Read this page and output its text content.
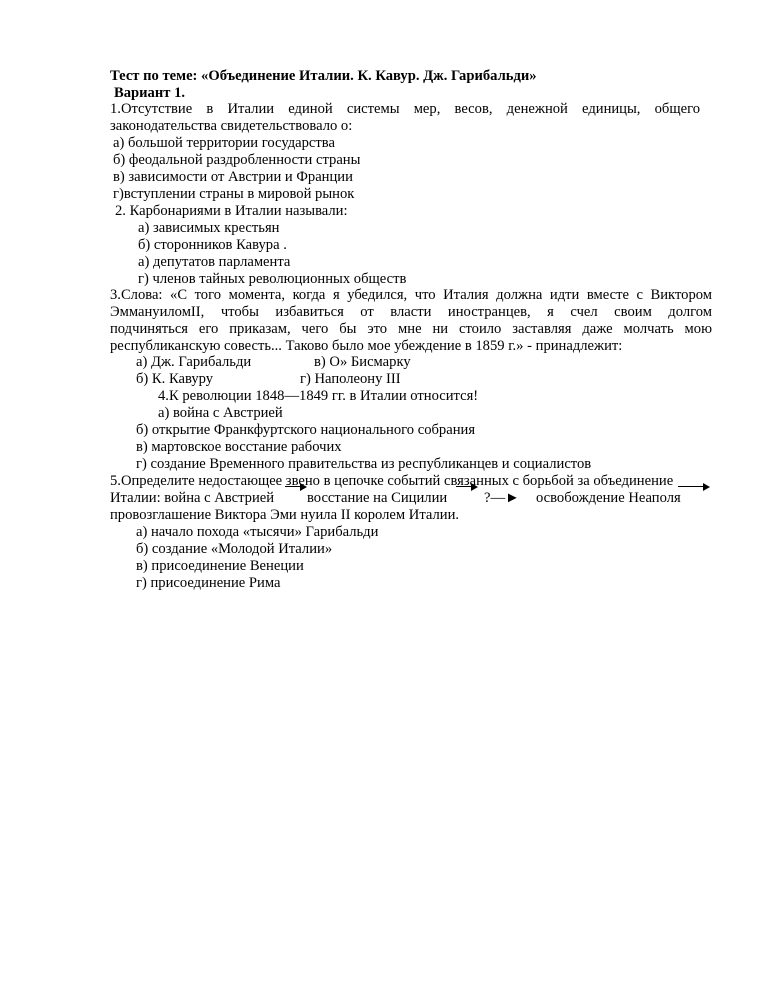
Тест по теме: «Объединение Италии. К. Кавур. Дж. Гарибальди»
Вариант 1.
1.Отсутствие в Италии единой системы мер, весов, денежной единицы, общего
законодательства свидетельствовало о:
а) большой территории государства
б) феодальной раздробленности страны
в) зависимости от Австрии и Франции
г)вступлении страны в мировой рынок
2. Карбонариями в Италии называли:
а) зависимых крестьян
б) сторонников Кавура .
а) депутатов парламента
г) членов тайных революционных обществ
3.Слова: «С того момента, когда я убедился, что Италия должна идти вместе с Виктором
ЭммануиломII, чтобы избавиться от власти иностранцев, я счел своим долгом
подчиняться его приказам, чего бы это мне ни стоило заставляя даже молчать мою
республиканскую совесть... Таково было мое убеждение в 1859 г.» - принадлежит:
а) Дж. Гарибальди	в) О» Бисмарку
б) К. Кавуру	г) Наполеону III
4.К революции 1848—1849 гг. в Италии относится!
а) война с Австрией
б) открытие Франкфуртского национального собрания
в) мартовское восстание рабочих
г) создание Временного правительства из республиканцев и социалистов
5.Определите недостающее звено в цепочке событий связанных с борьбой за объединение
Италии: война с Австрией восстание на Сицилии	?—► освобождение Неаполя
провозглашение Виктора Эми нуила II королем Италии.
а) начало похода «тысячи» Гарибальди
б) создание «Молодой Италии»
в) присоединение Венеции
г) присоединение Рима
